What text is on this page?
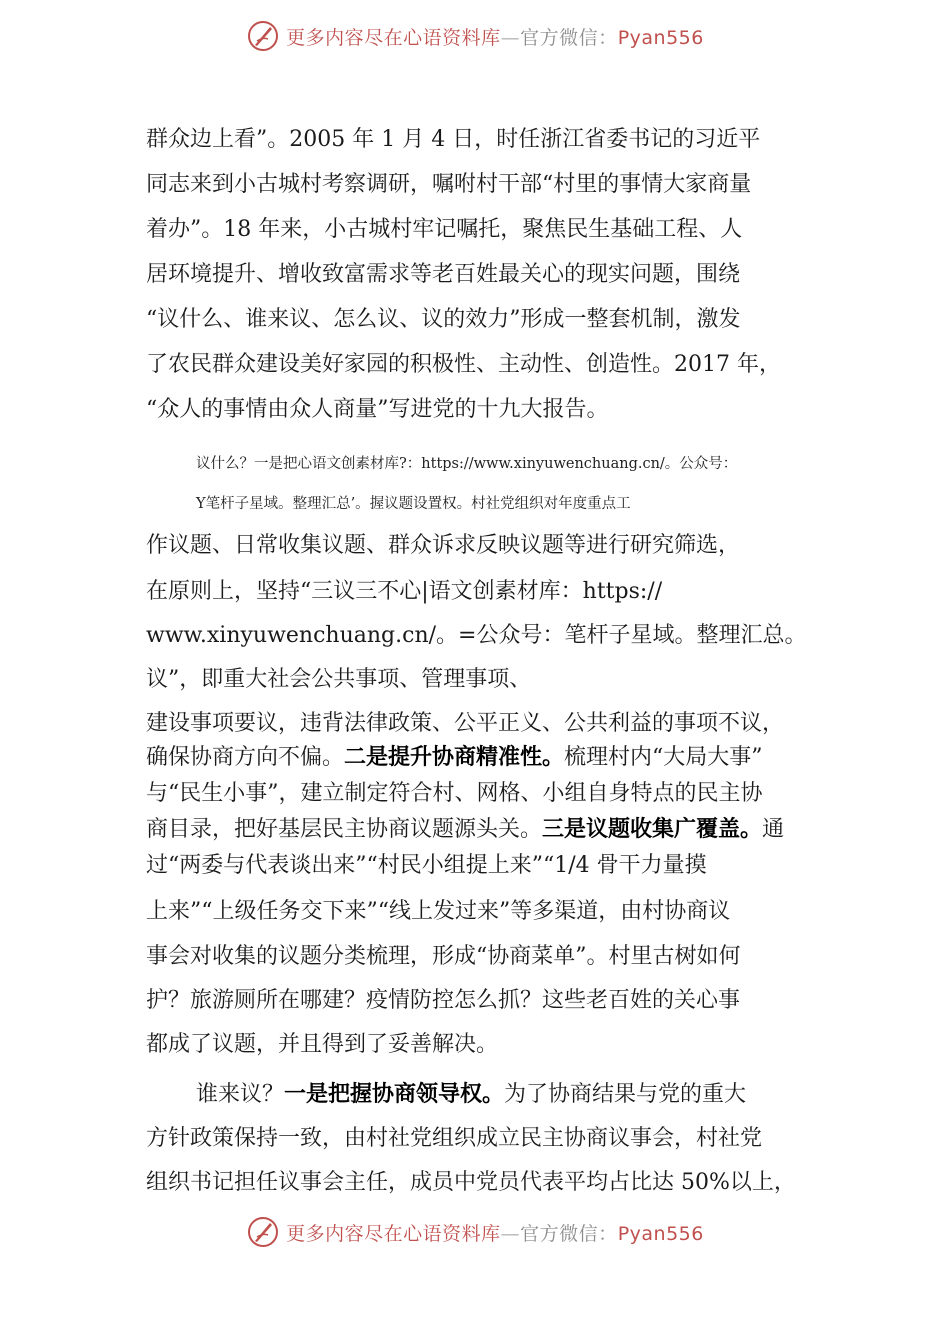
更多内容尽在心语资料库—官方微信：Pyan556

群众边上看”。2005 年 1 月 4 日，时任浙江省委书记的习近平

同志来到小古城村考察调研，嘱咐村干部“村里的事情大家商量

着办”。18 年来，小古城村牢记嘱托，聚焦民生基础工程、人

居环境提升、增收致富需求等老百姓最关心的现实问题，围绕

“议什么、谁来议、怎么议、议的效力”形成一整套机制，激发

了农民群众建设美好家园的积极性、主动性、创造性。2017 年，

“众人的事情由众人商量”写进党的十九大报告。

议什么？一是把心语文创素材库?：https://www.xinyuwenchuang.cn/。公众号：

Y笔杆子星域。整理汇总’。握议题设置权。村社党组织对年度重点工

作议题、日常收集议题、群众诉求反映议题等进行研究筛选，

在原则上，坚持“三议三不心|语文创素材库：https://

www.xinyuwenchuang.cn/。=公众号：笔杆子星域。整理汇总。

议”，即重大社会公共事项、管理事项、

建设事项要议，违背法律政策、公平正义、公共利益的事项不议，

确保协商方向不偏。二是提升协商精准性。梳理村内“大局大事”

与“民生小事”，建立制定符合村、网格、小组自身特点的民主协

商目录，把好基层民主协商议题源头关。三是议题收集广覆盖。通

过“两委与代表谈出来”“村民小组提上来”“1/4 骨干力量摸

上来”“上级任务交下来”“线上发过来”等多渠道，由村协商议

事会对收集的议题分类梳理，形成“协商菜单”。村里古树如何

护？旅游厕所在哪建？疫情防控怎么抓？这些老百姓的关心事

都成了议题，并且得到了妥善解决。

谁来议？一是把握协商领导权。为了协商结果与党的重大

方针政策保持一致，由村社党组织成立民主协商议事会，村社党

组织书记担任议事会主任，成员中党员代表平均占比达 50%以上，

更多内容尽在心语资料库—官方微信：Pyan556
